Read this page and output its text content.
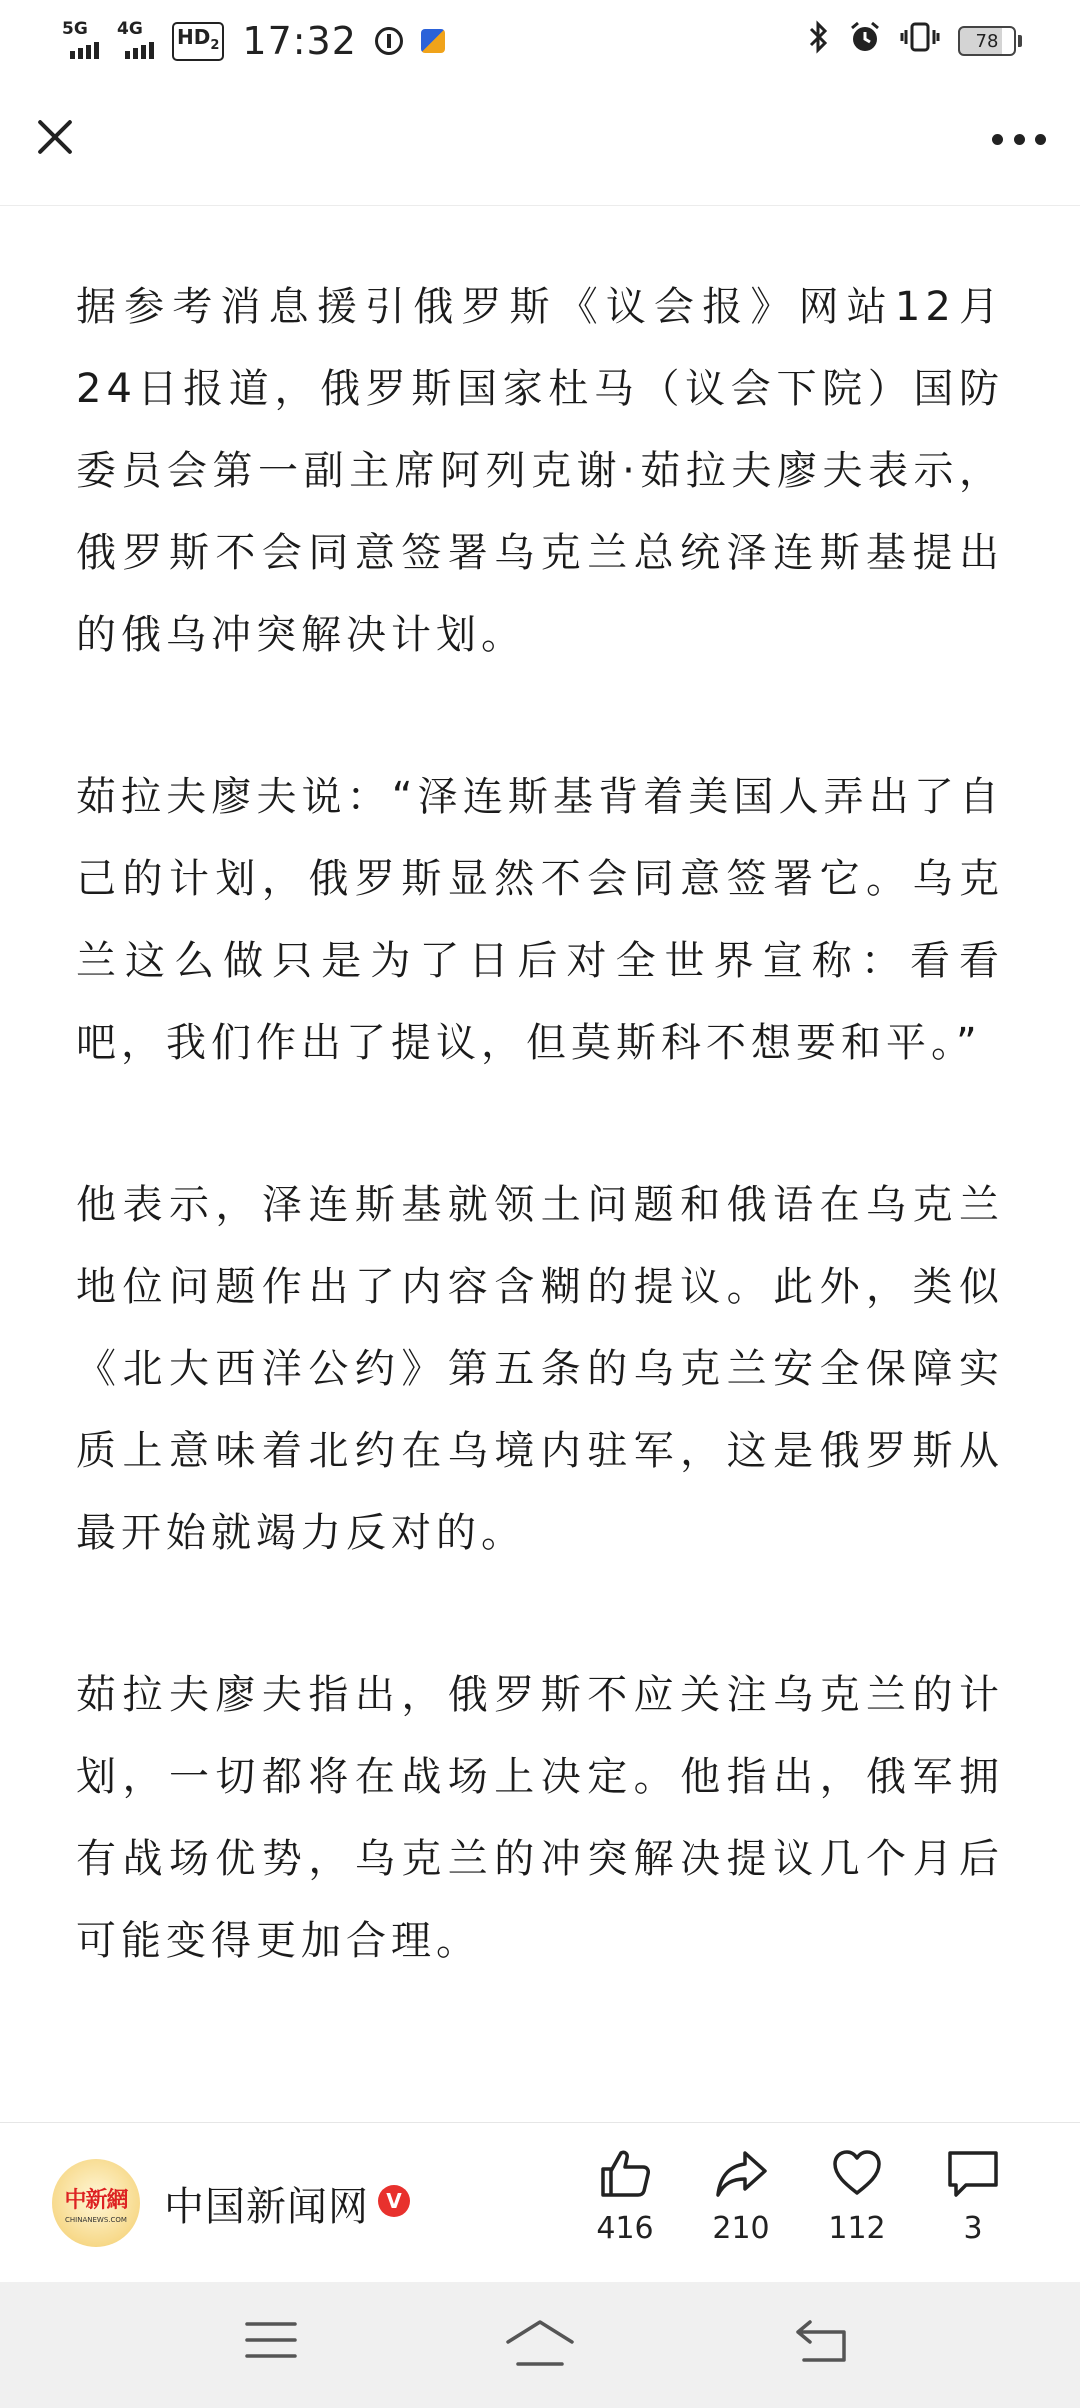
5G 4G $HD_2$ 17:32	78

据参考消息援引俄罗斯《议会报》网站12月24日报道，俄罗斯国家杜马（议会下院）国防委员会第一副主席阿列克谢·茹拉夫廖夫表示，俄罗斯不会同意签署乌克兰总统泽连斯基提出的俄乌冲突解决计划。

茹拉夫廖夫说：“泽连斯基背着美国人弄出了自己的计划，俄罗斯显然不会同意签署它。乌克兰这么做只是为了日后对全世界宣称：看看吧，我们作出了提议，但莫斯科不想要和平。”

他表示，泽连斯基就领土问题和俄语在乌克兰地位问题作出了内容含糊的提议。此外，类似《北大西洋公约》第五条的乌克兰安全保障实质上意味着北约在乌境内驻军，这是俄罗斯从最开始就竭力反对的。

茹拉夫廖夫指出，俄罗斯不应关注乌克兰的计划，一切都将在战场上决定。他指出，俄军拥有战场优势，乌克兰的冲突解决提议几个月后可能变得更加合理。

中新網
CHINANEWS.COM 中国新闻网 V
416	210	112	3
